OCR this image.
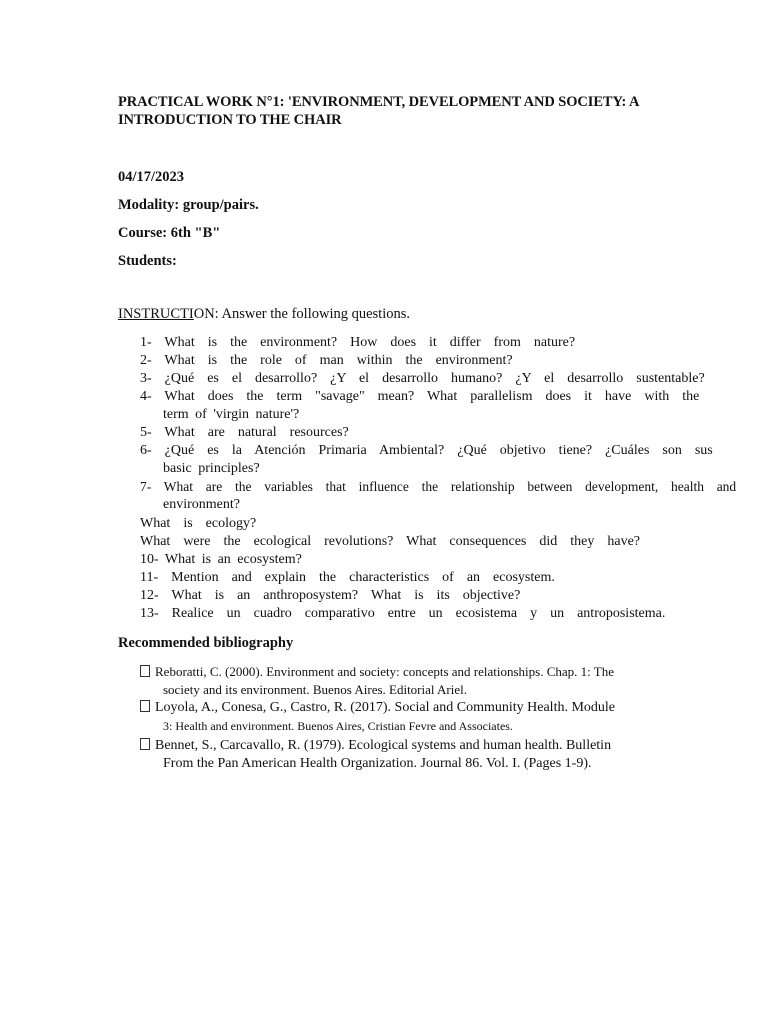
PRACTICAL WORK N°1: 'ENVIRONMENT, DEVELOPMENT AND SOCIETY: A
INTRODUCTION TO THE CHAIR
04/17/2023
Modality: group/pairs.
Course: 6th "B"
Students:
INSTRUCTION: Answer the following questions.
1-  What  is  the  environment?  How  does  it  differ  from  nature?
2-  What  is  the  role  of  man  within  the  environment?
3-  ¿Qué  es  el  desarrollo?  ¿Y  el  desarrollo  humano?  ¿Y  el  desarrollo  sustentable?
4-  What  does  the  term  "savage"  mean?  What  parallelism  does  it  have  with  the
term of 'virgin nature'?
5-  What  are  natural  resources?
6-  ¿Qué  es  la  Atención  Primaria  Ambiental?  ¿Qué  objetivo  tiene?  ¿Cuáles  son  sus
basic principles?
7-  What  are  the  variables  that  influence  the  relationship  between  development,  health  and
environment?
What  is  ecology?
What  were  the  ecological  revolutions?  What  consequences  did  they  have?
10- What is an ecosystem?
11-  Mention  and  explain  the  characteristics  of  an  ecosystem.
12-  What  is  an  anthroposystem?  What  is  its  objective?
13-  Realice  un  cuadro  comparativo  entre  un  ecosistema  y  un  antroposistema.
Recommended bibliography
Reboratti, C. (2000). Environment and society: concepts and relationships. Chap. 1: The
society and its environment. Buenos Aires. Editorial Ariel.
Loyola, A., Conesa, G., Castro, R. (2017). Social and Community Health. Module
3: Health and environment. Buenos Aires, Cristian Fevre and Associates.
Bennet, S., Carcavallo, R. (1979). Ecological systems and human health. Bulletin
From the Pan American Health Organization. Journal 86. Vol. I. (Pages 1-9).
